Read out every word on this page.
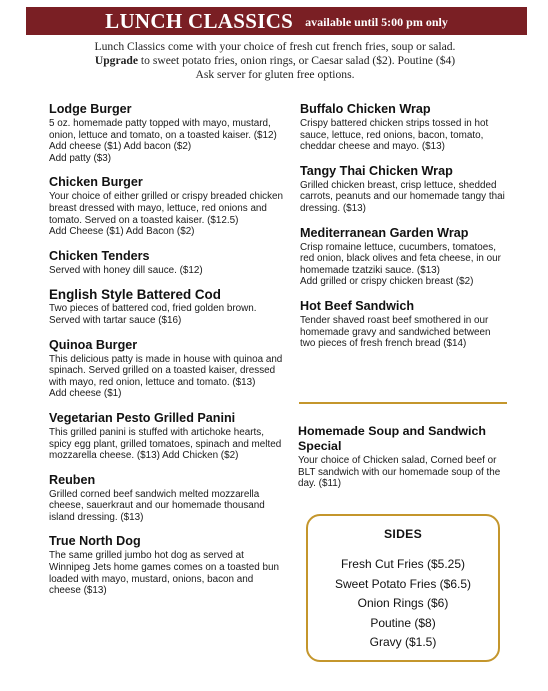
LUNCH CLASSICS available until 5:00 pm only
Lunch Classics come with your choice of fresh cut french fries, soup or salad.
Upgrade to sweet potato fries, onion rings, or Caesar salad ($2). Poutine ($4)
Ask server for gluten free options.
Lodge Burger
5 oz. homemade patty topped with mayo, mustard, onion, lettuce and tomato, on a toasted kaiser. ($12)
Add cheese ($1) Add bacon ($2)
Add patty ($3)
Chicken Burger
Your choice of either grilled or crispy breaded chicken breast dressed with mayo, lettuce, red onions and tomato. Served on a toasted kaiser. ($12.5)
Add Cheese ($1) Add Bacon ($2)
Chicken Tenders
Served with honey dill sauce. ($12)
English Style Battered Cod
Two pieces of battered cod, fried golden brown. Served with tartar sauce ($16)
Quinoa Burger
This delicious patty is made in house with quinoa and spinach. Served grilled on a toasted kaiser, dressed with mayo, red onion, lettuce and tomato. ($13)
Add cheese ($1)
Vegetarian Pesto Grilled Panini
This grilled panini is stuffed with artichoke hearts, spicy egg plant, grilled tomatoes, spinach and melted mozzarella cheese. ($13) Add Chicken ($2)
Reuben
Grilled corned beef sandwich melted mozzarella cheese, sauerkraut and our homemade thousand island dressing. ($13)
True North Dog
The same grilled jumbo hot dog as served at Winnipeg Jets home games comes on a toasted bun loaded with mayo, mustard, onions, bacon and cheese ($13)
Buffalo Chicken Wrap
Crispy battered chicken strips tossed in hot sauce, lettuce, red onions, bacon, tomato, cheddar cheese and mayo. ($13)
Tangy Thai Chicken Wrap
Grilled chicken breast, crisp lettuce, shedded carrots, peanuts and our homemade tangy thai dressing. ($13)
Mediterranean Garden Wrap
Crisp romaine lettuce, cucumbers, tomatoes, red onion, black olives and feta cheese, in our homemade tzatziki sauce. ($13)
Add grilled or crispy chicken breast ($2)
Hot Beef Sandwich
Tender shaved roast beef smothered in our homemade gravy and sandwiched between two pieces of fresh french bread ($14)
Homemade Soup and Sandwich Special
Your choice of Chicken salad, Corned beef or BLT sandwich with our homemade soup of the day. ($11)
SIDES
Fresh Cut Fries ($5.25)
Sweet Potato Fries ($6.5)
Onion Rings ($6)
Poutine ($8)
Gravy ($1.5)
